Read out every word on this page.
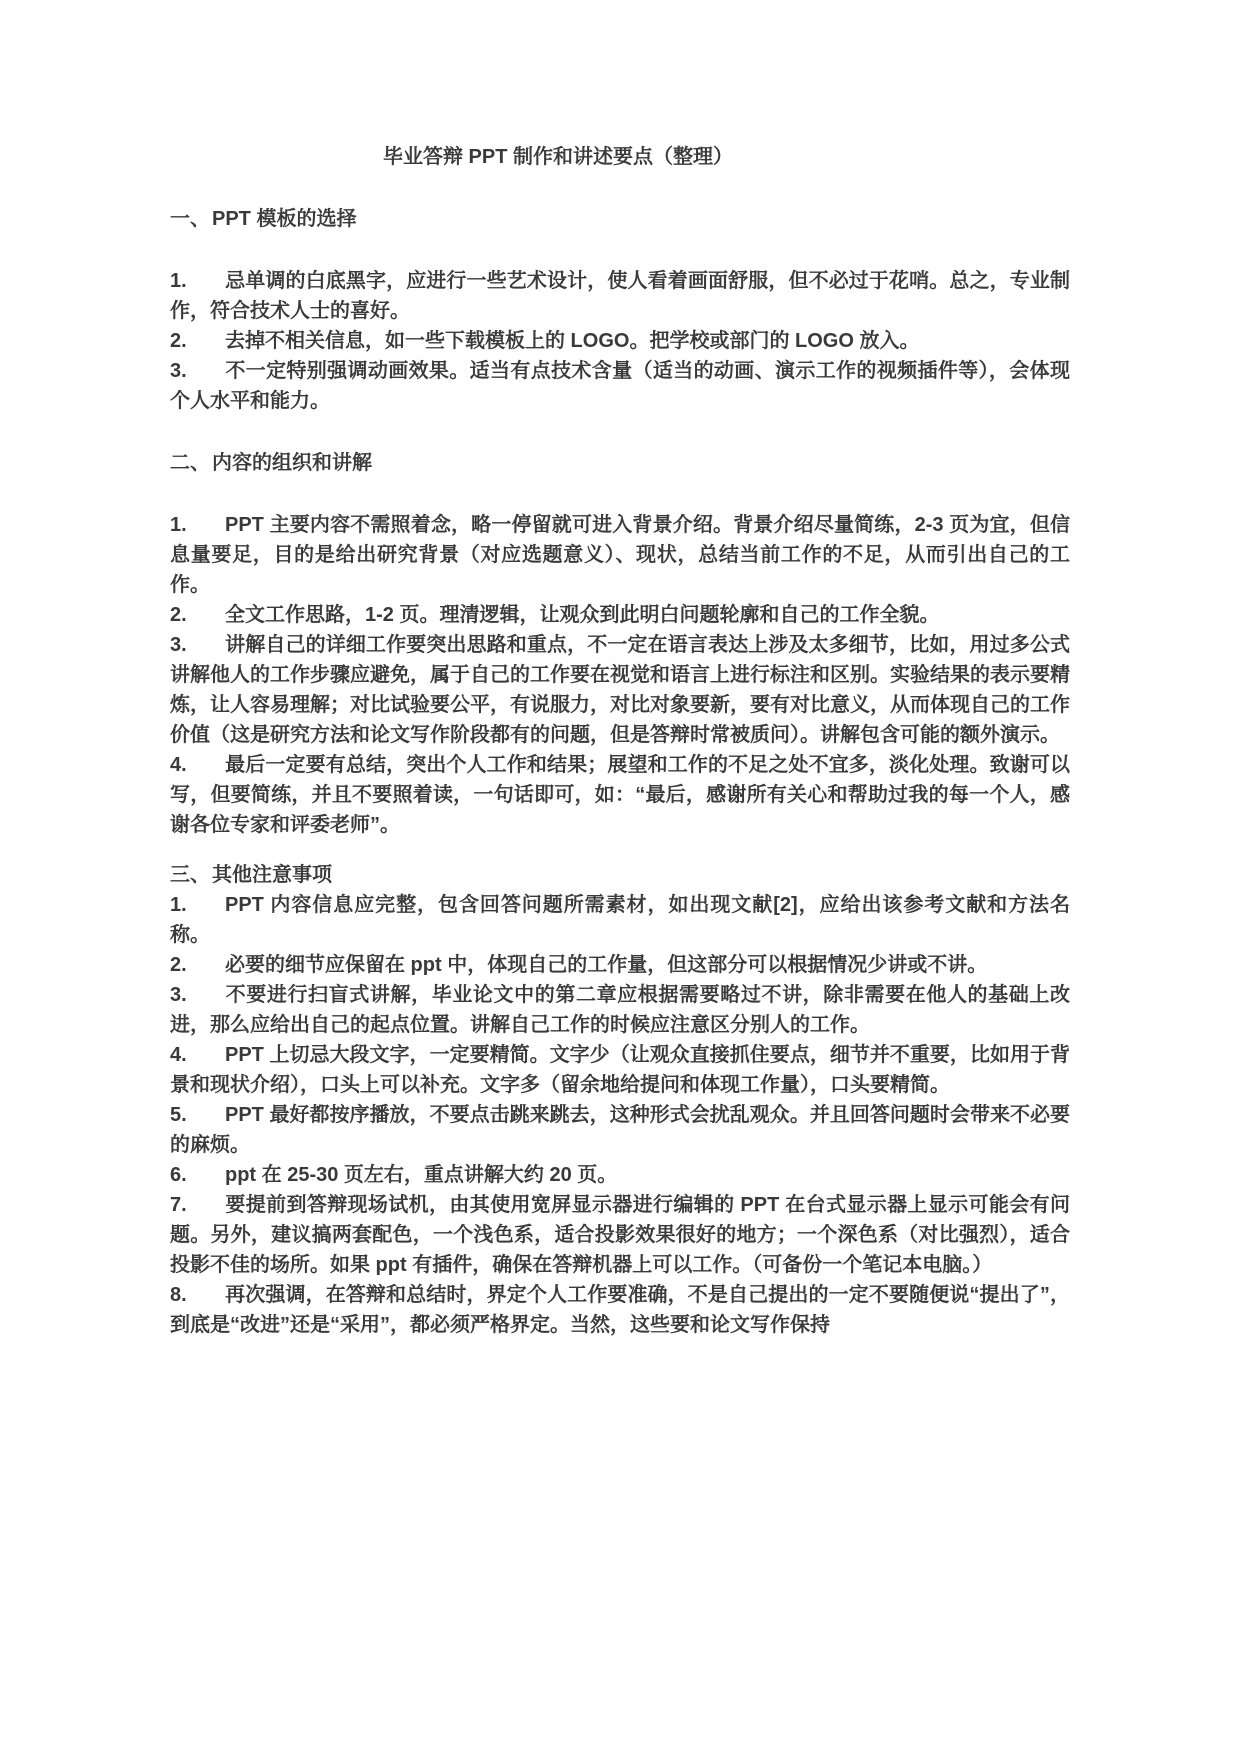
毕业答辩 PPT 制作和讲述要点（整理）

一、 PPT 模板的选择

1. 忌单调的白底黑字，应进行一些艺术设计，使人看着画面舒服，但不必过于花哨。总之，专业制作，符合技术人士的喜好。

2. 去掉不相关信息，如一些下载模板上的 LOGO。把学校或部门的 LOGO 放入。

3. 不一定特别强调动画效果。适当有点技术含量（适当的动画、演示工作的视频插件等），会体现个人水平和能力。

二、 内容的组织和讲解

1. PPT 主要内容不需照着念，略一停留就可进入背景介绍。背景介绍尽量简练，2-3 页为宜，但信息量要足，目的是给出研究背景（对应选题意义）、现状，总结当前工作的不足，从而引出自己的工作。

2. 全文工作思路，1-2 页。理清逻辑，让观众到此明白问题轮廓和自己的工作全貌。

3. 讲解自己的详细工作要突出思路和重点，不一定在语言表达上涉及太多细节，比如，用过多公式讲解他人的工作步骤应避免，属于自己的工作要在视觉和语言上进行标注和区别。实验结果的表示要精炼，让人容易理解；对比试验要公平，有说服力，对比对象要新，要有对比意义，从而体现自己的工作价值（这是研究方法和论文写作阶段都有的问题，但是答辩时常被质问）。讲解包含可能的额外演示。

4. 最后一定要有总结，突出个人工作和结果；展望和工作的不足之处不宜多，淡化处理。致谢可以写，但要简练，并且不要照着读，一句话即可，如：“最后，感谢所有关心和帮助过我的每一个人，感谢各位专家和评委老师”。

三、 其他注意事项

1. PPT 内容信息应完整，包含回答问题所需素材，如出现文献[2]，应给出该参考文献和方法名称。

2. 必要的细节应保留在 ppt 中，体现自己的工作量，但这部分可以根据情况少讲或不讲。

3. 不要进行扫盲式讲解，毕业论文中的第二章应根据需要略过不讲，除非需要在他人的基础上改进，那么应给出自己的起点位置。讲解自己工作的时候应注意区分别人的工作。

4. PPT 上切忌大段文字，一定要精简。文字少（让观众直接抓住要点，细节并不重要，比如用于背景和现状介绍），口头上可以补充。文字多（留余地给提问和体现工作量），口头要精简。

5. PPT 最好都按序播放，不要点击跳来跳去，这种形式会扰乱观众。并且回答问题时会带来不必要的麻烦。

6. ppt 在 25-30 页左右，重点讲解大约 20 页。

7. 要提前到答辩现场试机，由其使用宽屏显示器进行编辑的 PPT 在台式显示器上显示可能会有问题。另外，建议搞两套配色，一个浅色系，适合投影效果很好的地方；一个深色系（对比强烈），适合投影不佳的场所。如果 ppt 有插件，确保在答辩机器上可以工作。（可备份一个笔记本电脑。）

8. 再次强调，在答辩和总结时，界定个人工作要准确，不是自己提出的一定不要随便说“提出了”，到底是“改进”还是“采用”，都必须严格界定。当然，这些要和论文写作保持
